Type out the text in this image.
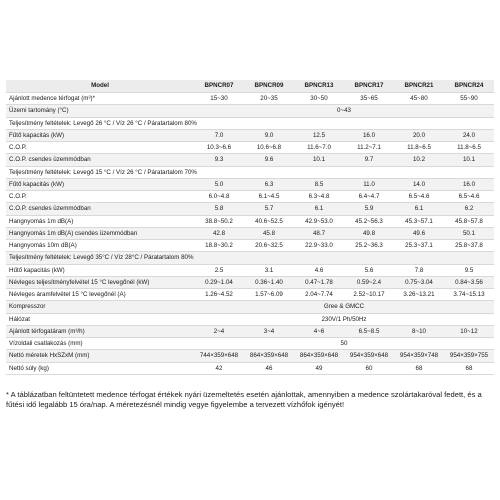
Model	BPNCR07	BPNCR09	BPNCR13	BPNCR17	BPNCR21	BPNCR24
Ajánlott medence térfogat (m³)*	15~30	20~35	30~50	35~65	45~80	55~90
Üzemi tartomány (°C)	0~43					
Teljesítmény feltételek: Levegő 26 °C / Víz 26 °C / Páratartalom 80%						
Fűtő kapacitás (kW)	7.0	9.0	12.5	16.0	20.0	24.0
C.O.P.	10.3~6.6	10.6~6.8	11.6~7.0	11.2~7.1	11.8~6.5	11.8~6.5
C.O.P. csendes üzemmódban	9.3	9.6	10.1	9.7	10.2	10.1
Teljesítmény feltételek: Levegő 15 °C / Víz 26 °C / Páratartalom 70%						
Fűtő kapacitás (kW)	5.0	6.3	8.5	11.0	14.0	16.0
C.O.P.	6.0~4.8	6.1~4.5	6.3~4.8	6.4~4.7	6.5~4.6	6.5~4.6
C.O.P. csendes üzemmódban	5.8	5.7	6.1	5.9	6.1	6.2
Hangnyomás 1m dB(A)	38.8~50.2	40.6~52.5	42.9~53.0	45.2~56.3	45.3~57.1	45.8~57.8
Hangnyomás 1m dB(A) csendes üzemmódban	42.8	45.8	48.7	49.8	49.6	50.1
Hangnyomás 10m dB(A)	18.8~30.2	20.6~32.5	22.9~33.0	25.2~36.3	25.3~37.1	25.8~37.8
Teljesítmény feltételek: Levegő 35°C / Víz 28°C / Páratartalom 80%						
Hűtő kapacitás (kW)	2.5	3.1	4.6	5.6	7.8	9.5
Névleges teljesítményfelvétel 15 °C levegőnél (kW)	0.29~1.04	0.36~1.40	0.47~1.78	0.59~2.4	0.75~3.04	0.84~3.56
Névleges áramfelvétel 15 °C levegőnél (A)	1.26~4.52	1.57~6.09	2.04~7.74	2.52~10.17	3.26~13.21	3.74~15.13
Kompresszor	Gree & GMCC					
Hálózat	230V/1 Ph/50Hz					
Ajánlott térfogatáram (m³/h)	2~4	3~4	4~6	6.5~8.5	8~10	10~12
Vízoldali csatlakozás (mm)	50					
Nettó méretek HxSZxM (mm)	744×359×648	864×359×648	864×359×648	954×359×648	954×359×748	954×359×755
Nettó súly (kg)	42	46	49	60	68	68
* A táblázatban feltüntetett medence térfogat értékek nyári üzemeltetés esetén ajánlottak, amennyiben a medence szolártakaróval fedett, és a fűtési idő legalább 15 óra/nap. A méretezésnél mindig vegye figyelembe a tervezett vízhőfok igényét!
